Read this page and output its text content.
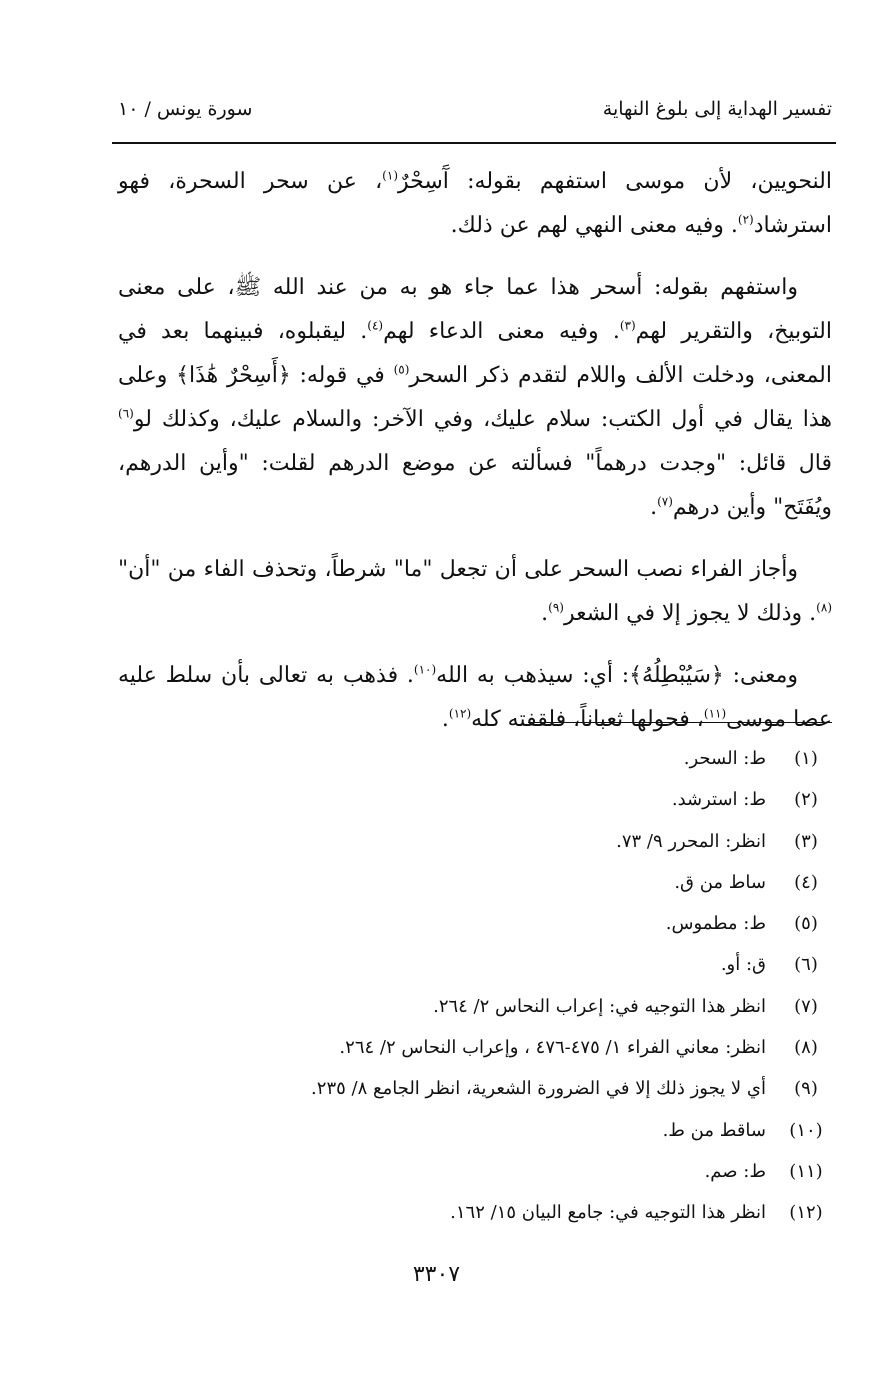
تفسير الهداية إلى بلوغ النهاية
سورة يونس / ١٠

النحويين، لأن موسى استفهم بقوله: آَسِحْرٌ$^{(١)}$، عن سحر السحرة، فهو استرشاد$^{(٢)}$. وفيه معنى النهي لهم عن ذلك.

واستفهم بقوله: أسحر هذا عما جاء هو به من عند الله ﷺ، على معنى التوبيخ، والتقرير لهم$^{(٣)}$. وفيه معنى الدعاء لهم$^{(٤)}$. ليقبلوه، فبينهما بعد في المعنى، ودخلت الألف واللام لتقدم ذكر السحر$^{(٥)}$ في قوله: ﴿أَسِحْرٌ هَٰذَا﴾ وعلى هذا يقال في أول الكتب: سلام عليك، وفي الآخر: والسلام عليك، وكذلك لو$^{(٦)}$ قال قائل: "وجدت درهماً" فسألته عن موضع الدرهم لقلت: "وأين الدرهم، ويُفَتَح" وأين درهم$^{(٧)}$.

وأجاز الفراء نصب السحر على أن تجعل "ما" شرطاً، وتحذف الفاء من "أن"$^{(٨)}$. وذلك لا يجوز إلا في الشعر$^{(٩)}$.

ومعنى: ﴿سَيُبْطِلُهُ﴾: أي: سيذهب به الله$^{(١٠)}$. فذهب به تعالى بأن سلط عليه عصا موسى$^{(١١)}$، فحولها ثعباناً، فلقفته كله$^{(١٢)}$.

(١)
ط: السحر.
(٢)
ط: استرشد.
(٣)
انظر: المحرر ٩/ ٧٣.
(٤)
ساط من ق.
(٥)
ط: مطموس.
(٦)
ق: أو.
(٧)
انظر هذا التوجيه في: إعراب النحاس ٢/ ٢٦٤.
(٨)
انظر: معاني الفراء ١/ ٤٧٥-٤٧٦ ، وإعراب النحاس ٢/ ٢٦٤.
(٩)
أي لا يجوز ذلك إلا في الضرورة الشعرية، انظر الجامع ٨/ ٢٣٥.
(١٠)
ساقط من ط.
(١١)
ط: صم.
(١٢)
انظر هذا التوجيه في: جامع البيان ١٥/ ١٦٢.
٣٣٠٧
